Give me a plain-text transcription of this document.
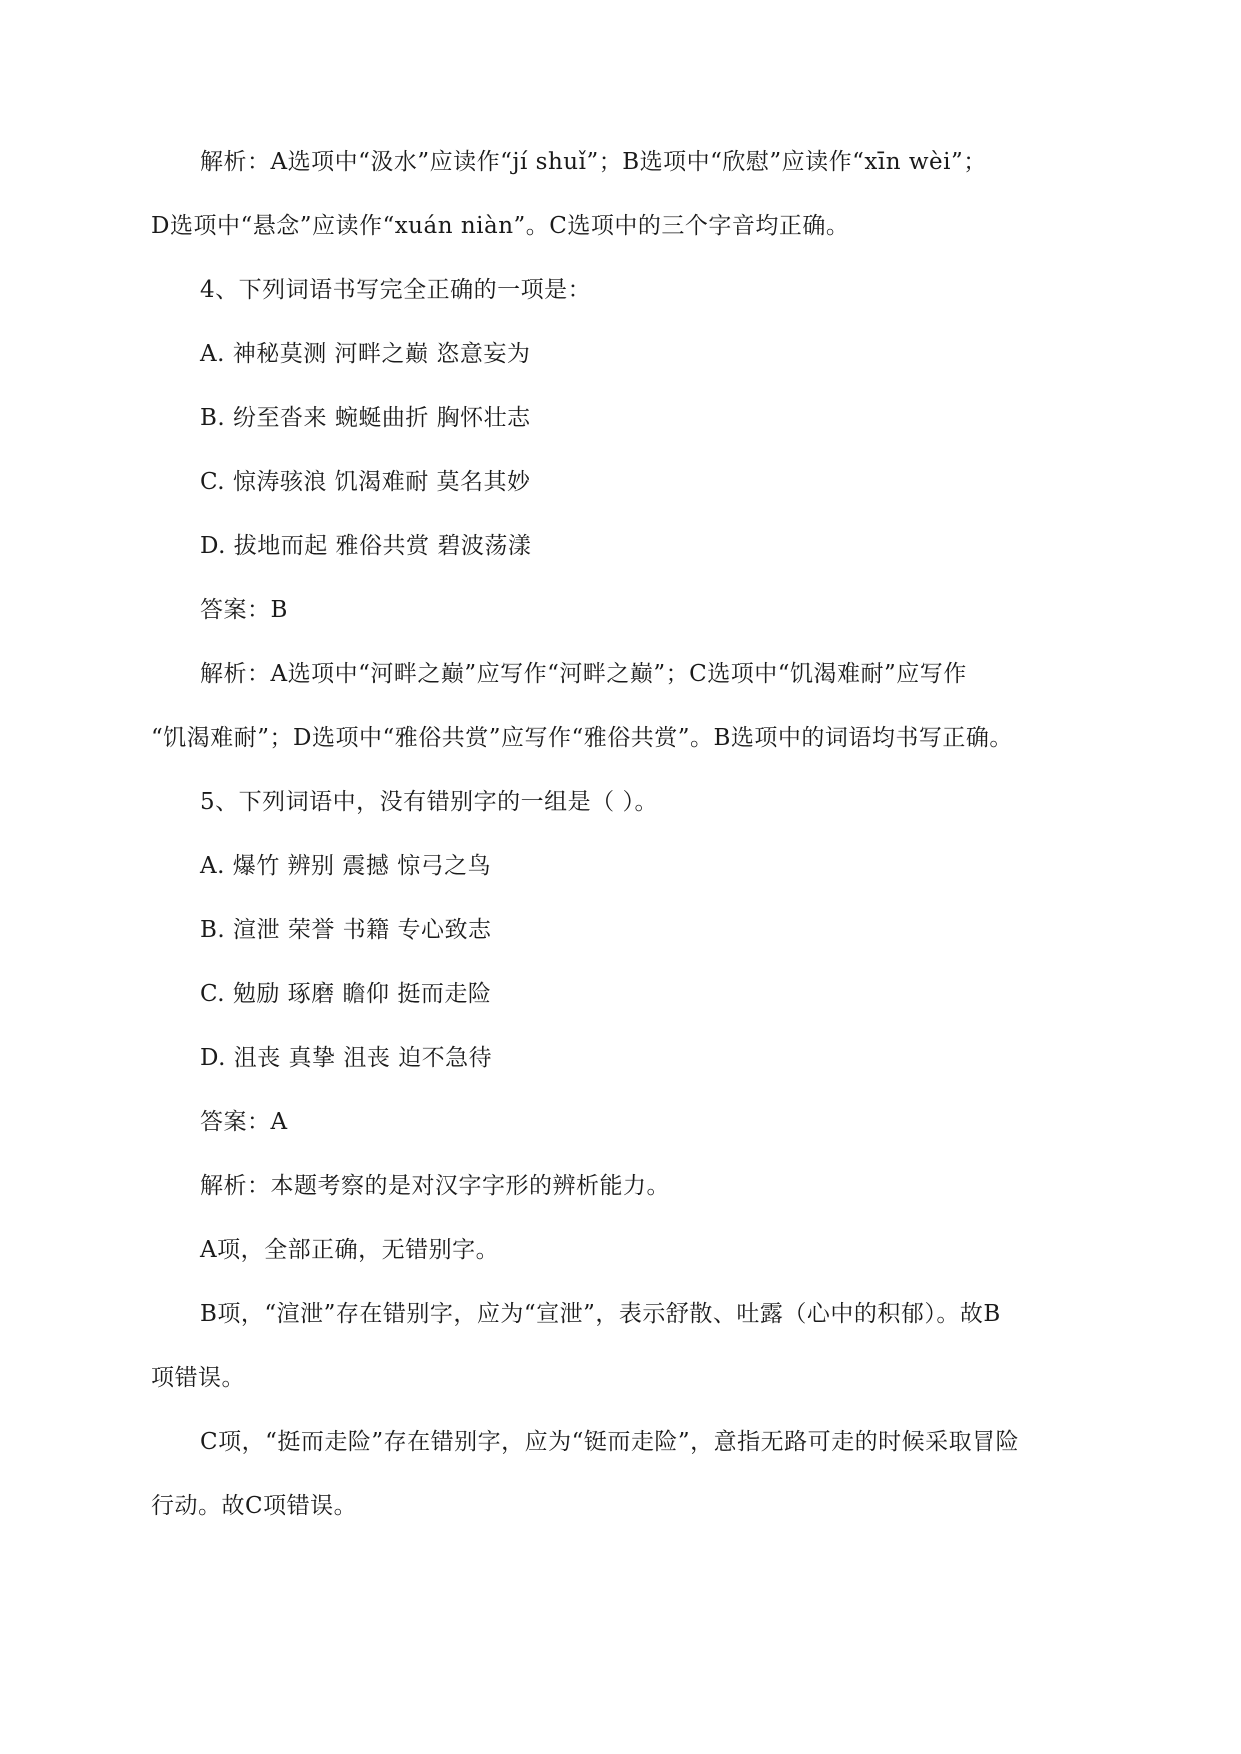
解析：A选项中“汲水”应读作“jí shuǐ”；B选项中“欣慰”应读作“xīn wèi”；
D选项中“悬念”应读作“xuán niàn”。C选项中的三个字音均正确。
4、下列词语书写完全正确的一项是：
A. 神秘莫测 河畔之巅 恣意妄为
B. 纷至沓来 蜿蜒曲折 胸怀壮志
C. 惊涛骇浪 饥渴难耐 莫名其妙
D. 拔地而起 雅俗共赏 碧波荡漾
答案：B
解析：A选项中“河畔之巅”应写作“河畔之巅”；C选项中“饥渴难耐”应写作
“饥渴难耐”；D选项中“雅俗共赏”应写作“雅俗共赏”。B选项中的词语均书写正确。
5、下列词语中，没有错别字的一组是（ ）。
A. 爆竹 辨别 震撼 惊弓之鸟
B. 渲泄 荣誉 书籍 专心致志
C. 勉励 琢磨 瞻仰 挺而走险
D. 沮丧 真挚 沮丧 迫不急待
答案：A
解析：本题考察的是对汉字字形的辨析能力。
A项，全部正确，无错别字。
B项，“渲泄”存在错别字，应为“宣泄”，表示舒散、吐露（心中的积郁）。故B
项错误。
C项，“挺而走险”存在错别字，应为“铤而走险”，意指无路可走的时候采取冒险
行动。故C项错误。
